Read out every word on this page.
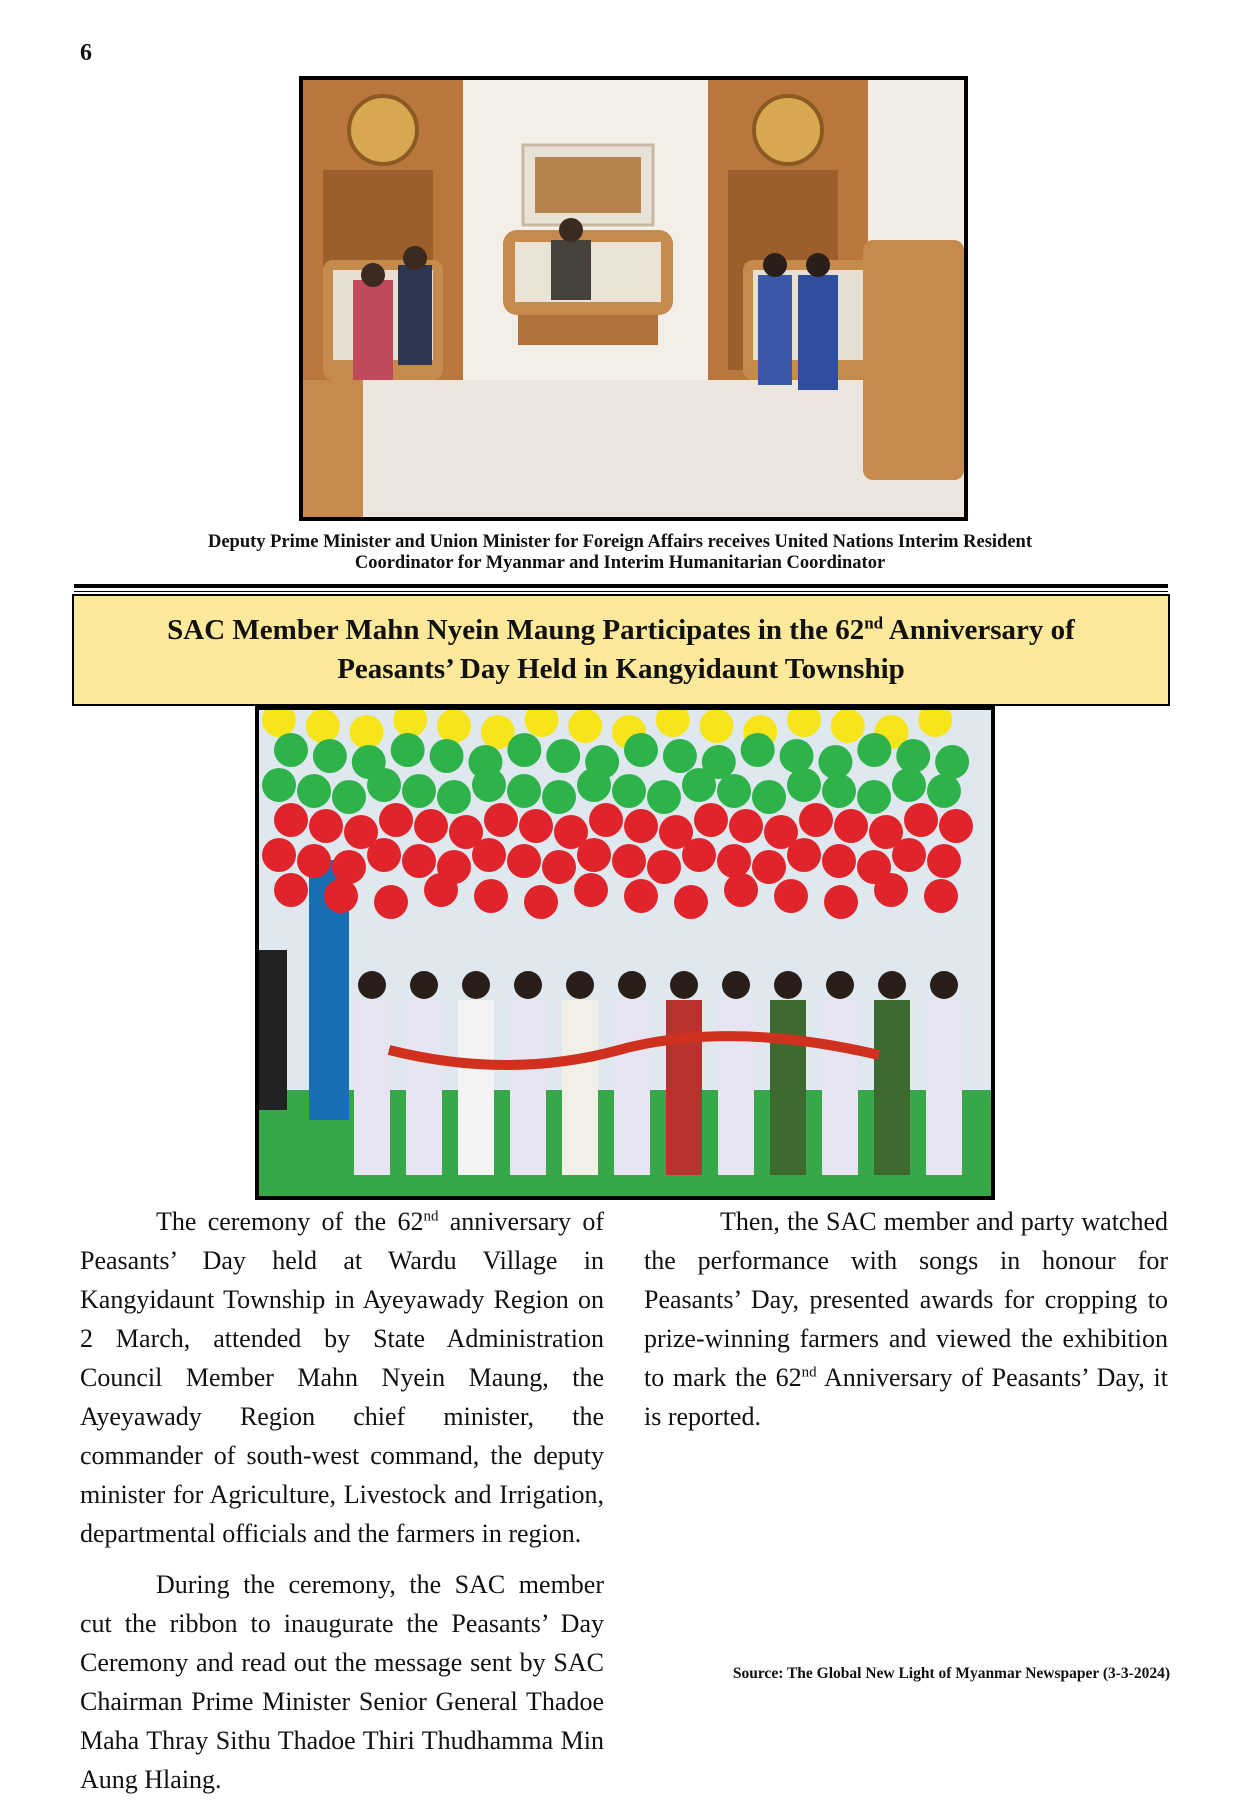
6
Deputy Prime Minister and Union Minister for Foreign Affairs receives United Nations Interim Resident
Coordinator for Myanmar and Interim Humanitarian Coordinator
SAC Member Mahn Nyein Maung Participates in the 62nd Anniversary of
Peasants’ Day Held in Kangyidaunt Township

The ceremony of the 62nd anniversary of Peasants’ Day held at Wardu Village in Kangyidaunt Township in Ayeyawady Region on 2 March, attended by State Administration Council Member Mahn Nyein Maung, the Ayeyawady Region chief minister, the commander of south-west command, the deputy minister for Agriculture, Livestock and Irrigation, departmental officials and the farmers in region.

During the ceremony, the SAC member cut the ribbon to inaugurate the Peasants’ Day Ceremony and read out the message sent by SAC Chairman Prime Minister Senior General Thadoe Maha Thray Sithu Thadoe Thiri Thudhamma Min Aung Hlaing.

Then, the SAC member and party watched the performance with songs in honour for Peasants’ Day, presented awards for cropping to prize-winning farmers and viewed the exhibition to mark the 62nd Anniversary of Peasants’ Day, it is reported.

Source: The Global New Light of Myanmar Newspaper (3-3-2024)
